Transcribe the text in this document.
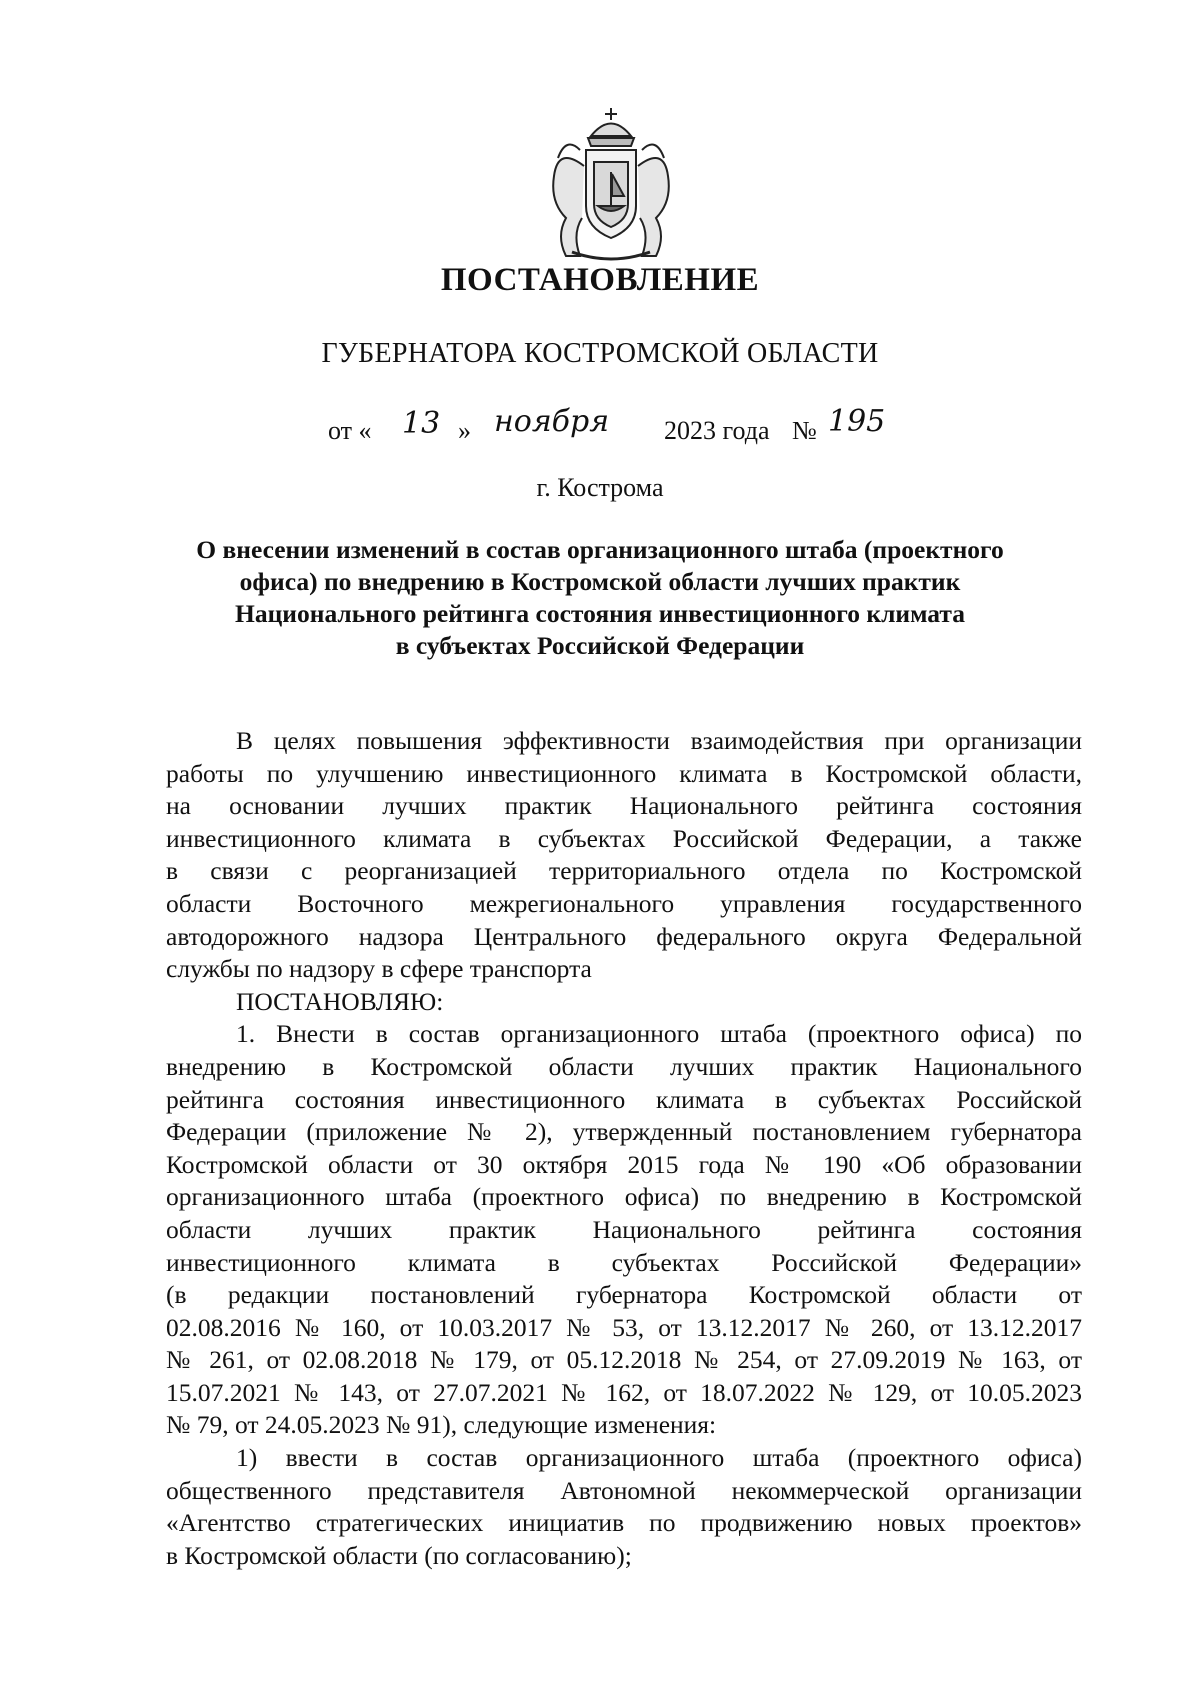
ПОСТАНОВЛЕНИЕ
ГУБЕРНАТОРА КОСТРОМСКОЙ ОБЛАСТИ
от « 13 » ноября 2023 года № 195
г. Кострома
О внесении изменений в состав организационного штаба (проектного
офиса) по внедрению в Костромской области лучших практик
Национального рейтинга состояния инвестиционного климата
в субъектах Российской Федерации
В целях повышения эффективности взаимодействия при организации
работы по улучшению инвестиционного климата в Костромской области,
на основании лучших практик Национального рейтинга состояния
инвестиционного климата в субъектах Российской Федерации, а также
в связи с реорганизацией территориального отдела по Костромской
области Восточного межрегионального управления государственного
автодорожного надзора Центрального федерального округа Федеральной
службы по надзору в сфере транспорта
ПОСТАНОВЛЯЮ:
1. Внести в состав организационного штаба (проектного офиса) по
внедрению в Костромской области лучших практик Национального
рейтинга состояния инвестиционного климата в субъектах Российской
Федерации (приложение № 2), утвержденный постановлением губернатора
Костромской области от 30 октября 2015 года № 190 «Об образовании
организационного штаба (проектного офиса) по внедрению в Костромской
области лучших практик Национального рейтинга состояния
инвестиционного климата в субъектах Российской Федерации»
(в редакции постановлений губернатора Костромской области от
02.08.2016 № 160, от 10.03.2017 № 53, от 13.12.2017 № 260, от 13.12.2017
№ 261, от 02.08.2018 № 179, от 05.12.2018 № 254, от 27.09.2019 № 163, от
15.07.2021 № 143, от 27.07.2021 № 162, от 18.07.2022 № 129, от 10.05.2023
№ 79, от 24.05.2023 № 91), следующие изменения:
1) ввести в состав организационного штаба (проектного офиса)
общественного представителя Автономной некоммерческой организации
«Агентство стратегических инициатив по продвижению новых проектов»
в Костромской области (по согласованию);
